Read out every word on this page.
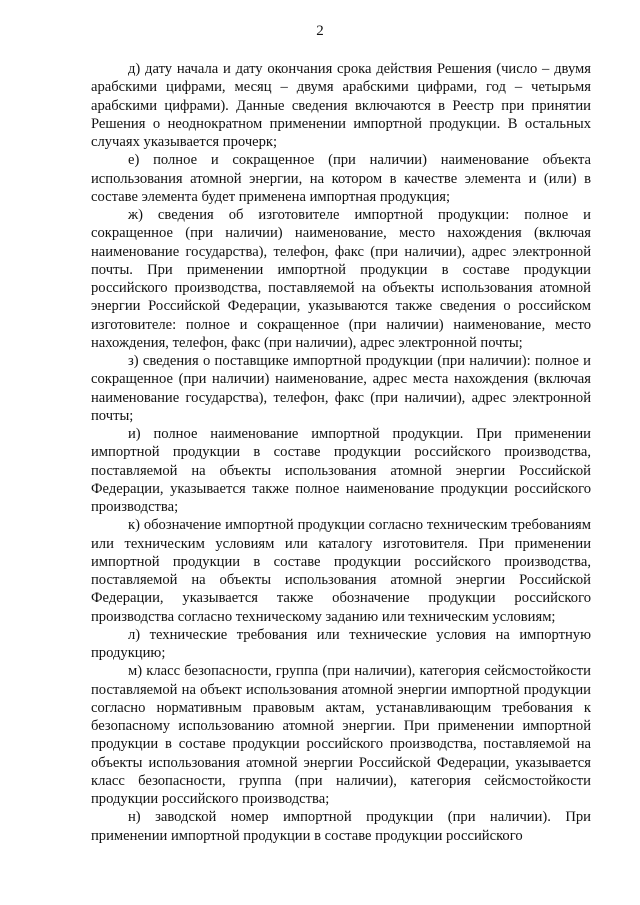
2

д) дату начала и дату окончания срока действия Решения (число – двумя арабскими цифрами, месяц – двумя арабскими цифрами, год – четырьмя арабскими цифрами). Данные сведения включаются в Реестр при принятии Решения о неоднократном применении импортной продукции. В остальных случаях указывается прочерк;

е) полное и сокращенное (при наличии) наименование объекта использования атомной энергии, на котором в качестве элемента и (или) в составе элемента будет применена импортная продукция;

ж) сведения об изготовителе импортной продукции: полное и сокращенное (при наличии) наименование, место нахождения (включая наименование государства), телефон, факс (при наличии), адрес электронной почты. При применении импортной продукции в составе продукции российского производства, поставляемой на объекты использования атомной энергии Российской Федерации, указываются также сведения о российском изготовителе: полное и сокращенное (при наличии) наименование, место нахождения, телефон, факс (при наличии), адрес электронной почты;

з) сведения о поставщике импортной продукции (при наличии): полное и сокращенное (при наличии) наименование, адрес места нахождения (включая наименование государства), телефон, факс (при наличии), адрес электронной почты;

и) полное наименование импортной продукции. При применении импортной продукции в составе продукции российского производства, поставляемой на объекты использования атомной энергии Российской Федерации, указывается также полное наименование продукции российского производства;

к) обозначение импортной продукции согласно техническим требованиям или техническим условиям или каталогу изготовителя. При применении импортной продукции в составе продукции российского производства, поставляемой на объекты использования атомной энергии Российской Федерации, указывается также обозначение продукции российского производства согласно техническому заданию или техническим условиям;

л) технические требования или технические условия на импортную продукцию;

м) класс безопасности, группа (при наличии), категория сейсмостойкости поставляемой на объект использования атомной энергии импортной продукции согласно нормативным правовым актам, устанавливающим требования к безопасному использованию атомной энергии. При применении импортной продукции в составе продукции российского производства, поставляемой на объекты использования атомной энергии Российской Федерации, указывается класс безопасности, группа (при наличии), категория сейсмостойкости продукции российского производства;

н) заводской номер импортной продукции (при наличии). При применении импортной продукции в составе продукции российского
